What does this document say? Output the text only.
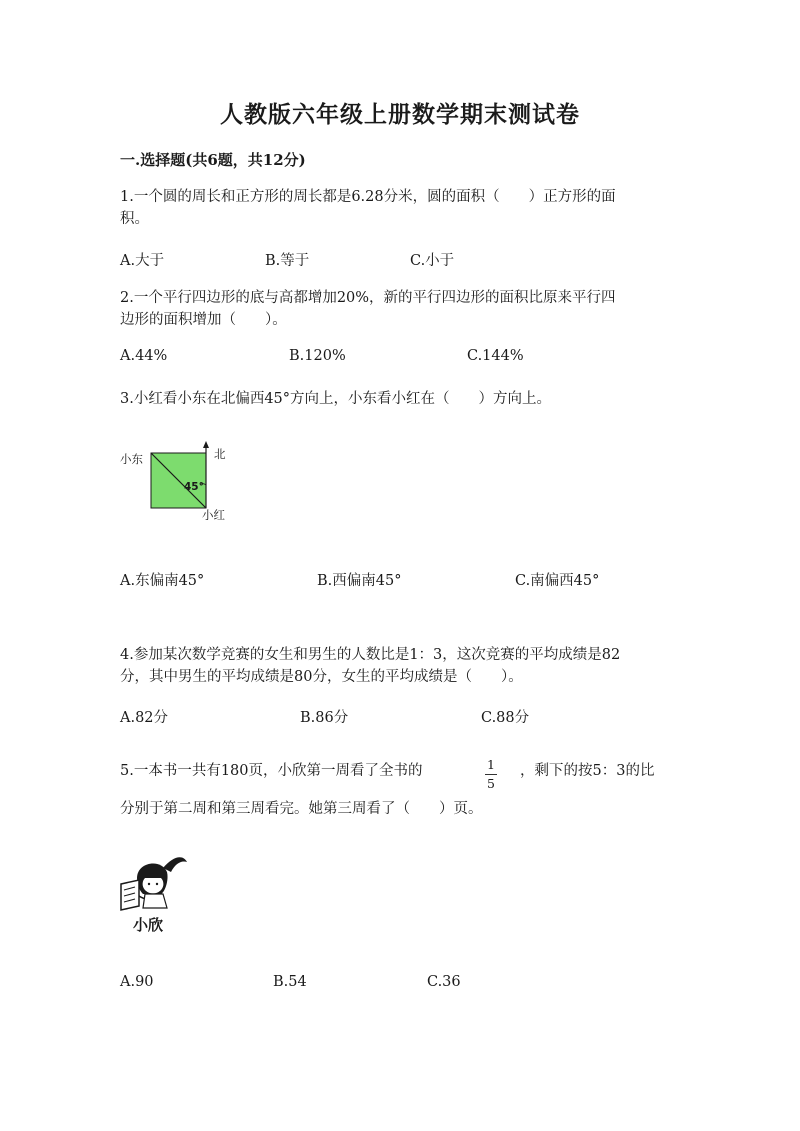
人教版六年级上册数学期末测试卷
一.选择题(共6题，共12分)
1.一个圆的周长和正方形的周长都是6.28分米，圆的面积（　　）正方形的面
积。
A.大于	B.等于	C.小于
2.一个平行四边形的底与高都增加20%，新的平行四边形的面积比原来平行四
边形的面积增加（　　）。
A.44%	B.120%	C.144%
3.小红看小东在北偏西45°方向上，小东看小红在（　　）方向上。
45°
小东	北
小红
A.东偏南45°	B.西偏南45°	C.南偏西45°
4.参加某次数学竞赛的女生和男生的人数比是1：3，这次竞赛的平均成绩是82
分，其中男生的平均成绩是80分，女生的平均成绩是（　　）。
A.82分	B.86分	C.88分
5.一本书一共有180页，小欣第一周看了全书的	1
5
，剩下的按5：3的比
分别于第二周和第三周看完。她第三周看了（　　）页。
小欣
A.90	B.54	C.36
